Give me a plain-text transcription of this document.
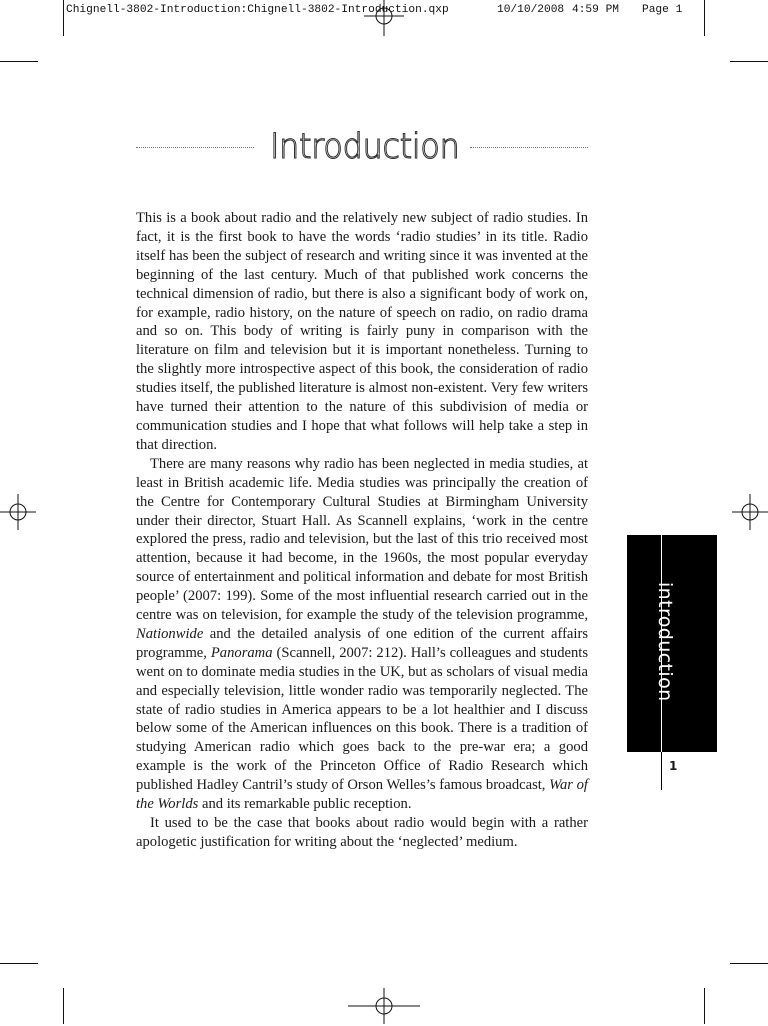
Chignell-3802-Introduction:Chignell-3802-Introduction.qxp	10/10/2008 4:59 PM Page 1
Introduction

This is a book about radio and the relatively new subject of radio studies. In fact, it is the first book to have the words ‘radio studies’ in its title. Radio itself has been the subject of research and writing since it was invented at the beginning of the last century. Much of that published work concerns the technical dimension of radio, but there is also a significant body of work on, for example, radio history, on the nature of speech on radio, on radio drama and so on. This body of writing is fairly puny in comparison with the literature on film and television but it is important nonetheless. Turning to the slightly more introspective aspect of this book, the consideration of radio studies itself, the published literature is almost non-existent. Very few writers have turned their attention to the nature of this subdivision of media or communication studies and I hope that what follows will help take a step in that direction.

There are many reasons why radio has been neglected in media studies, at least in British academic life. Media studies was principally the creation of the Centre for Contemporary Cultural Studies at Birmingham University under their director, Stuart Hall. As Scannell explains, ‘work in the centre explored the press, radio and television, but the last of this trio received most attention, because it had become, in the 1960s, the most popular everyday source of entertainment and political information and debate for most British people’ (2007: 199). Some of the most influential research carried out in the centre was on television, for example the study of the television programme, Nationwide and the detailed analysis of one edition of the current affairs programme, Panorama (Scannell, 2007: 212). Hall’s colleagues and students went on to dominate media studies in the UK, but as scholars of visual media and especially television, little wonder radio was temporarily neglected. The state of radio studies in America appears to be a lot healthier and I discuss below some of the American influences on this book. There is a tradition of studying American radio which goes back to the pre-war era; a good example is the work of the Princeton Office of Radio Research which published Hadley Cantril’s study of Orson Welles’s famous broadcast, War of the Worlds and its remarkable public reception.

It used to be the case that books about radio would begin with a rather apologetic justification for writing about the ‘neglected’ medium.

introduction
1
